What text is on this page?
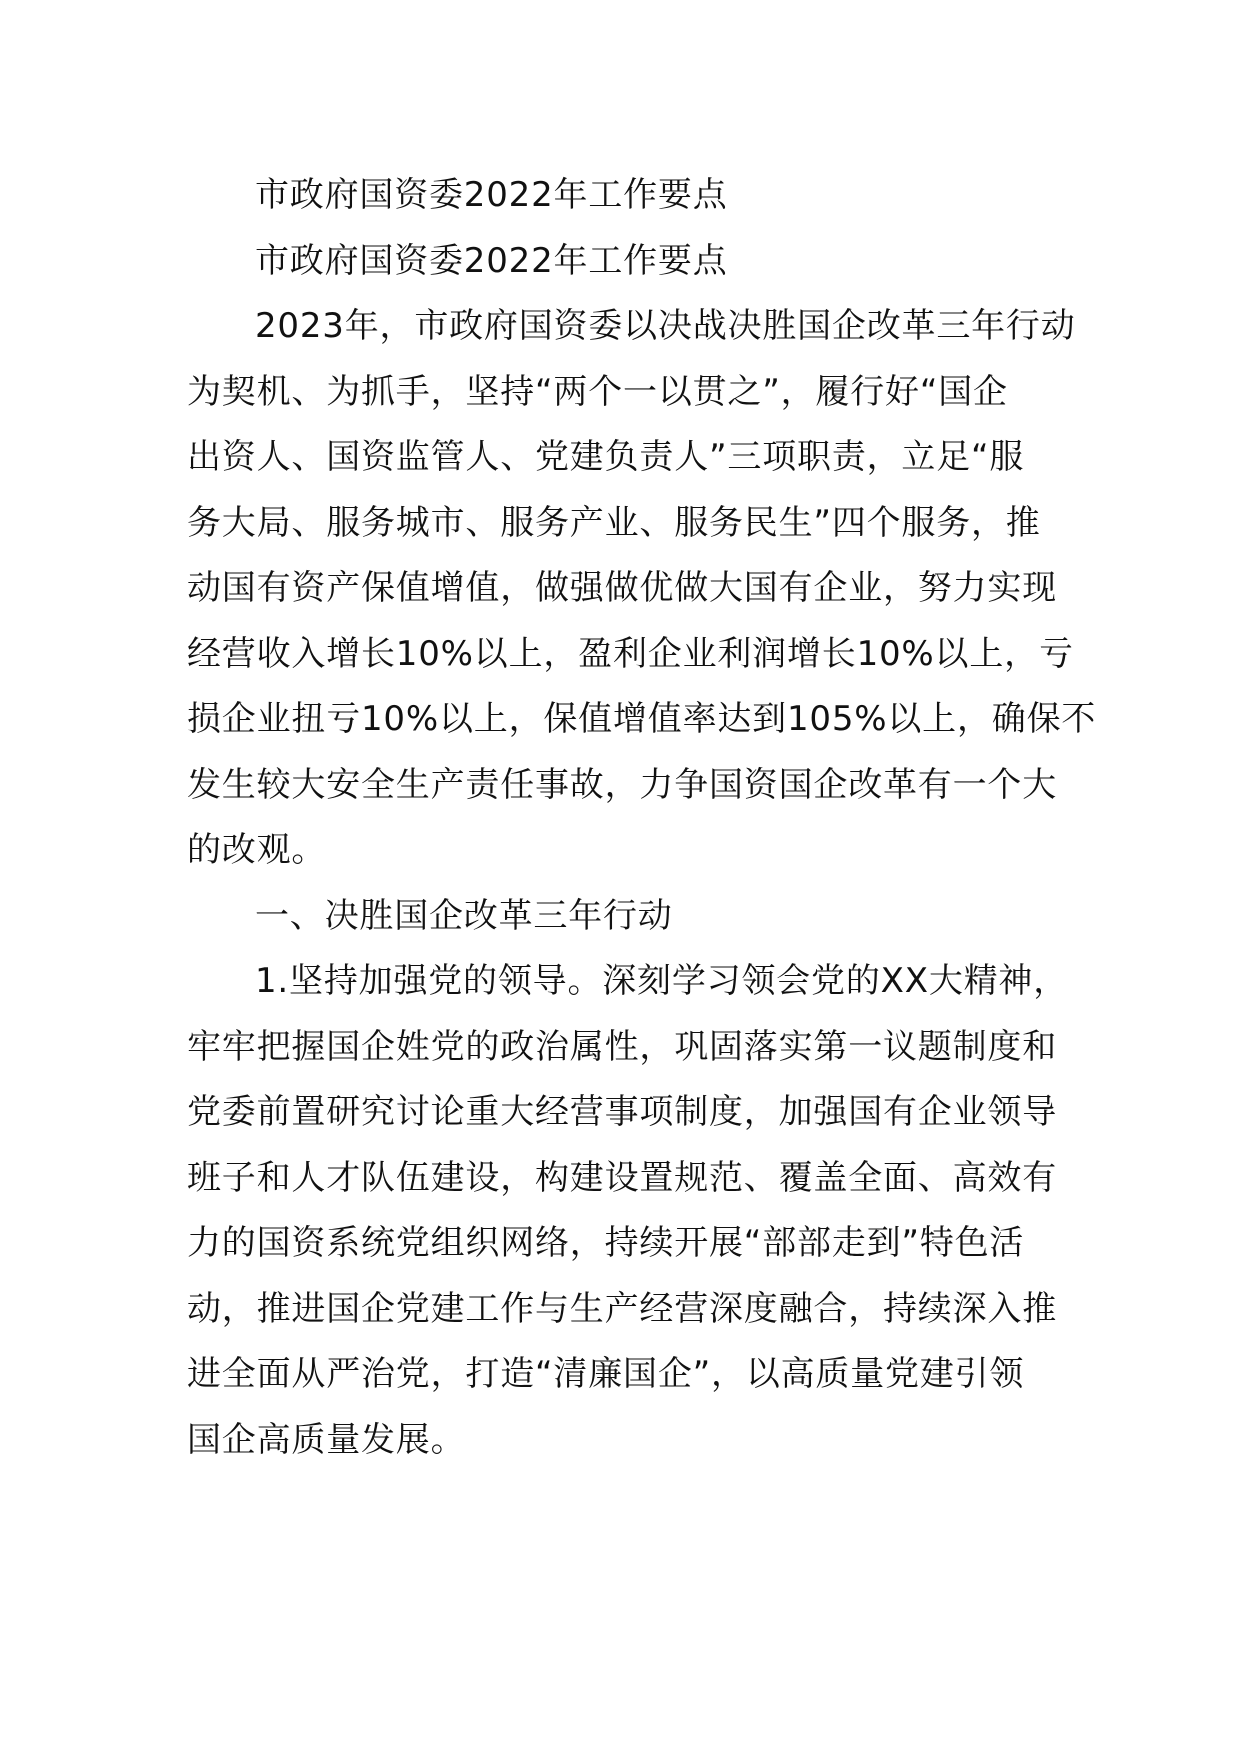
市政府国资委2022年工作要点
市政府国资委2022年工作要点
2023年，市政府国资委以决战决胜国企改革三年行动
为契机、为抓手，坚持“两个一以贯之”，履行好“国企
出资人、国资监管人、党建负责人”三项职责，立足“服
务大局、服务城市、服务产业、服务民生”四个服务，推
动国有资产保值增值，做强做优做大国有企业，努力实现
经营收入增长10%以上，盈利企业利润增长10%以上，亏
损企业扭亏10%以上，保值增值率达到105%以上，确保不
发生较大安全生产责任事故，力争国资国企改革有一个大
的改观。
一、决胜国企改革三年行动
1.坚持加强党的领导。深刻学习领会党的XX大精神，
牢牢把握国企姓党的政治属性，巩固落实第一议题制度和
党委前置研究讨论重大经营事项制度，加强国有企业领导
班子和人才队伍建设，构建设置规范、覆盖全面、高效有
力的国资系统党组织网络，持续开展“部部走到”特色活
动，推进国企党建工作与生产经营深度融合，持续深入推
进全面从严治党，打造“清廉国企”，以高质量党建引领
国企高质量发展。
